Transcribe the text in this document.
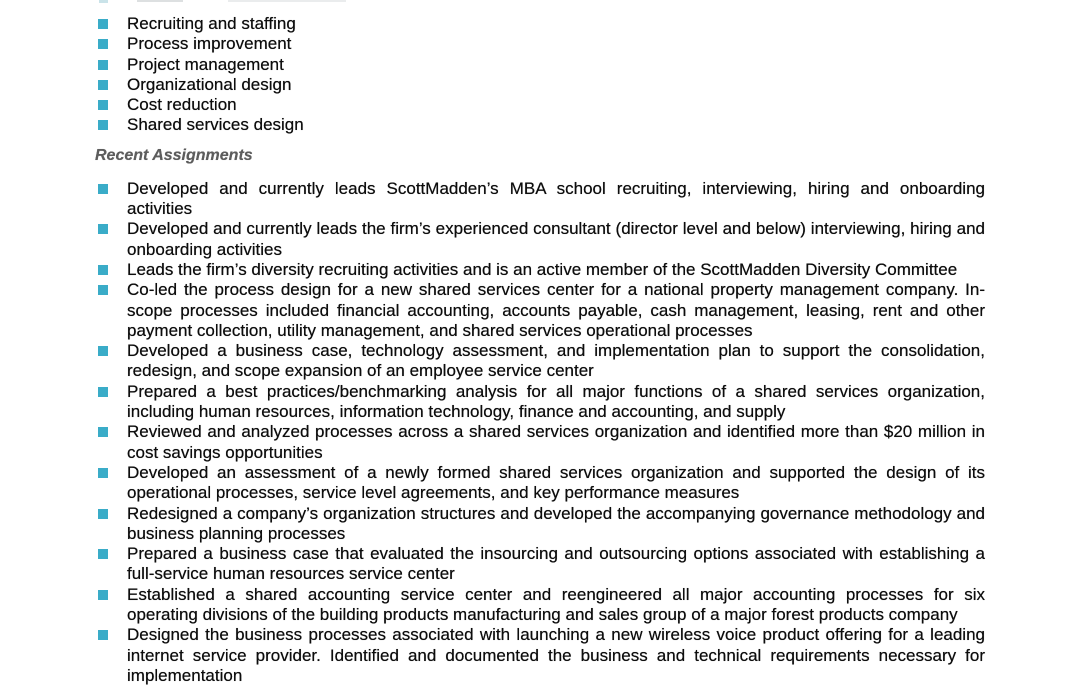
Recruiting and staffing
Process improvement
Project management
Organizational design
Cost reduction
Shared services design
Recent Assignments
Developed and currently leads ScottMadden’s MBA school recruiting, interviewing, hiring and onboarding activities
Developed and currently leads the firm’s experienced consultant (director level and below) interviewing, hiring and onboarding activities
Leads the firm’s diversity recruiting activities and is an active member of the ScottMadden Diversity Committee
Co-led the process design for a new shared services center for a national property management company. In-scope processes included financial accounting, accounts payable, cash management, leasing, rent and other payment collection, utility management, and shared services operational processes
Developed a business case, technology assessment, and implementation plan to support the consolidation, redesign, and scope expansion of an employee service center
Prepared a best practices/benchmarking analysis for all major functions of a shared services organization, including human resources, information technology, finance and accounting, and supply
Reviewed and analyzed processes across a shared services organization and identified more than $20 million in cost savings opportunities
Developed an assessment of a newly formed shared services organization and supported the design of its operational processes, service level agreements, and key performance measures
Redesigned a company’s organization structures and developed the accompanying governance methodology and business planning processes
Prepared a business case that evaluated the insourcing and outsourcing options associated with establishing a full-service human resources service center
Established a shared accounting service center and reengineered all major accounting processes for six operating divisions of the building products manufacturing and sales group of a major forest products company
Designed the business processes associated with launching a new wireless voice product offering for a leading internet service provider. Identified and documented the business and technical requirements necessary for implementation
